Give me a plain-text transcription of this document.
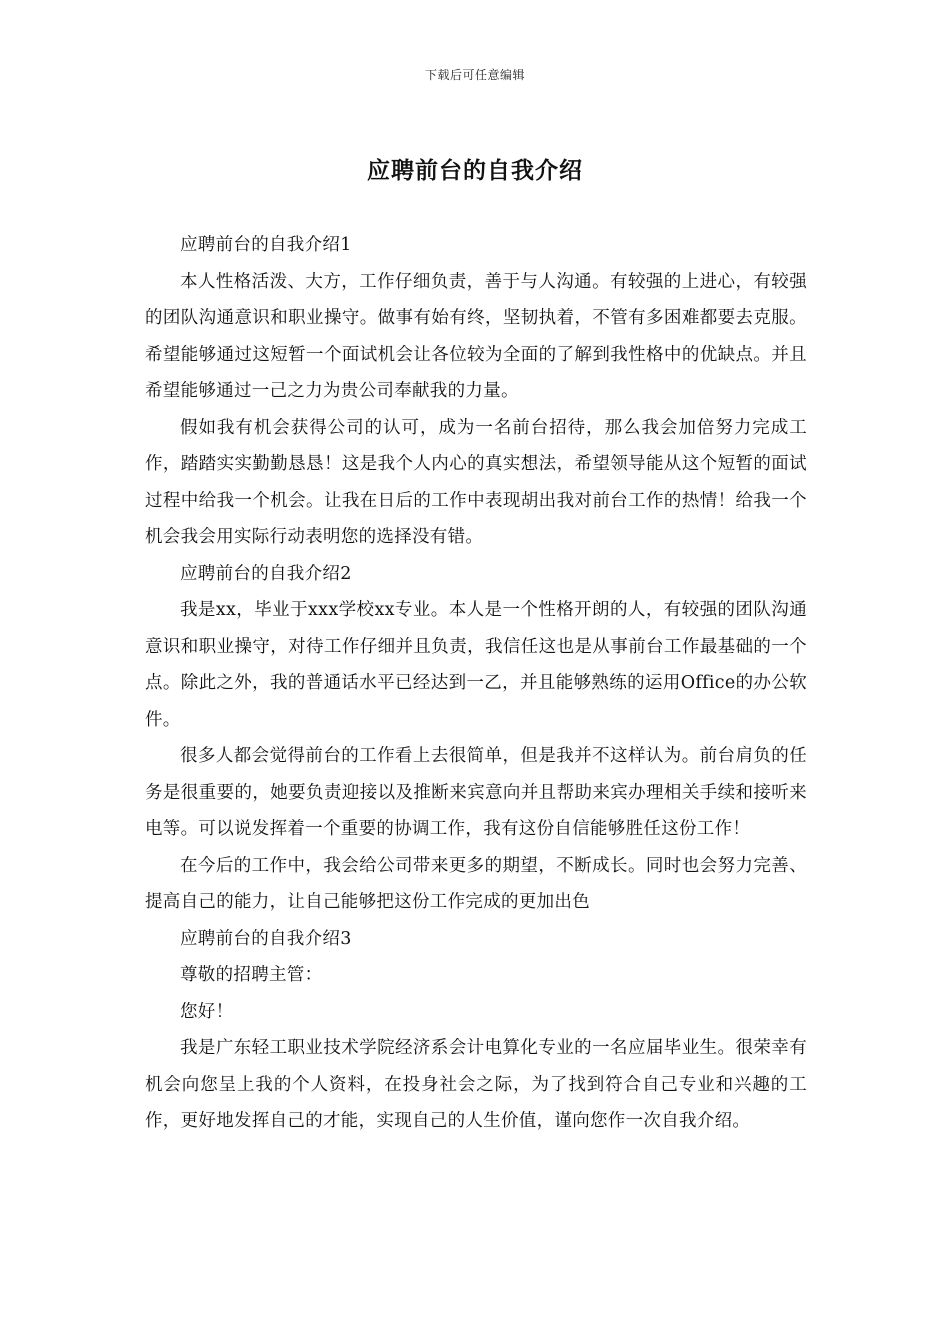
下载后可任意编辑
应聘前台的自我介绍

应聘前台的自我介绍1

本人性格活泼、大方，工作仔细负责，善于与人沟通。有较强的上进心，有较强的团队沟通意识和职业操守。做事有始有终，坚韧执着，不管有多困难都要去克服。希望能够通过这短暂一个面试机会让各位较为全面的了解到我性格中的优缺点。并且希望能够通过一己之力为贵公司奉献我的力量。

假如我有机会获得公司的认可，成为一名前台招待，那么我会加倍努力完成工作，踏踏实实勤勤恳恳！这是我个人内心的真实想法，希望领导能从这个短暂的面试过程中给我一个机会。让我在日后的工作中表现胡出我对前台工作的热情！给我一个机会我会用实际行动表明您的选择没有错。

应聘前台的自我介绍2

我是xx，毕业于xxx学校xx专业。本人是一个性格开朗的人，有较强的团队沟通意识和职业操守，对待工作仔细并且负责，我信任这也是从事前台工作最基础的一个点。除此之外，我的普通话水平已经达到一乙，并且能够熟练的运用Office的办公软件。

很多人都会觉得前台的工作看上去很简单，但是我并不这样认为。前台肩负的任务是很重要的，她要负责迎接以及推断来宾意向并且帮助来宾办理相关手续和接听来电等。可以说发挥着一个重要的协调工作，我有这份自信能够胜任这份工作！

在今后的工作中，我会给公司带来更多的期望，不断成长。同时也会努力完善、提高自己的能力，让自己能够把这份工作完成的更加出色

应聘前台的自我介绍3

尊敬的招聘主管：

您好！

我是广东轻工职业技术学院经济系会计电算化专业的一名应届毕业生。很荣幸有机会向您呈上我的个人资料，在投身社会之际，为了找到符合自己专业和兴趣的工作，更好地发挥自己的才能，实现自己的人生价值，谨向您作一次自我介绍。
